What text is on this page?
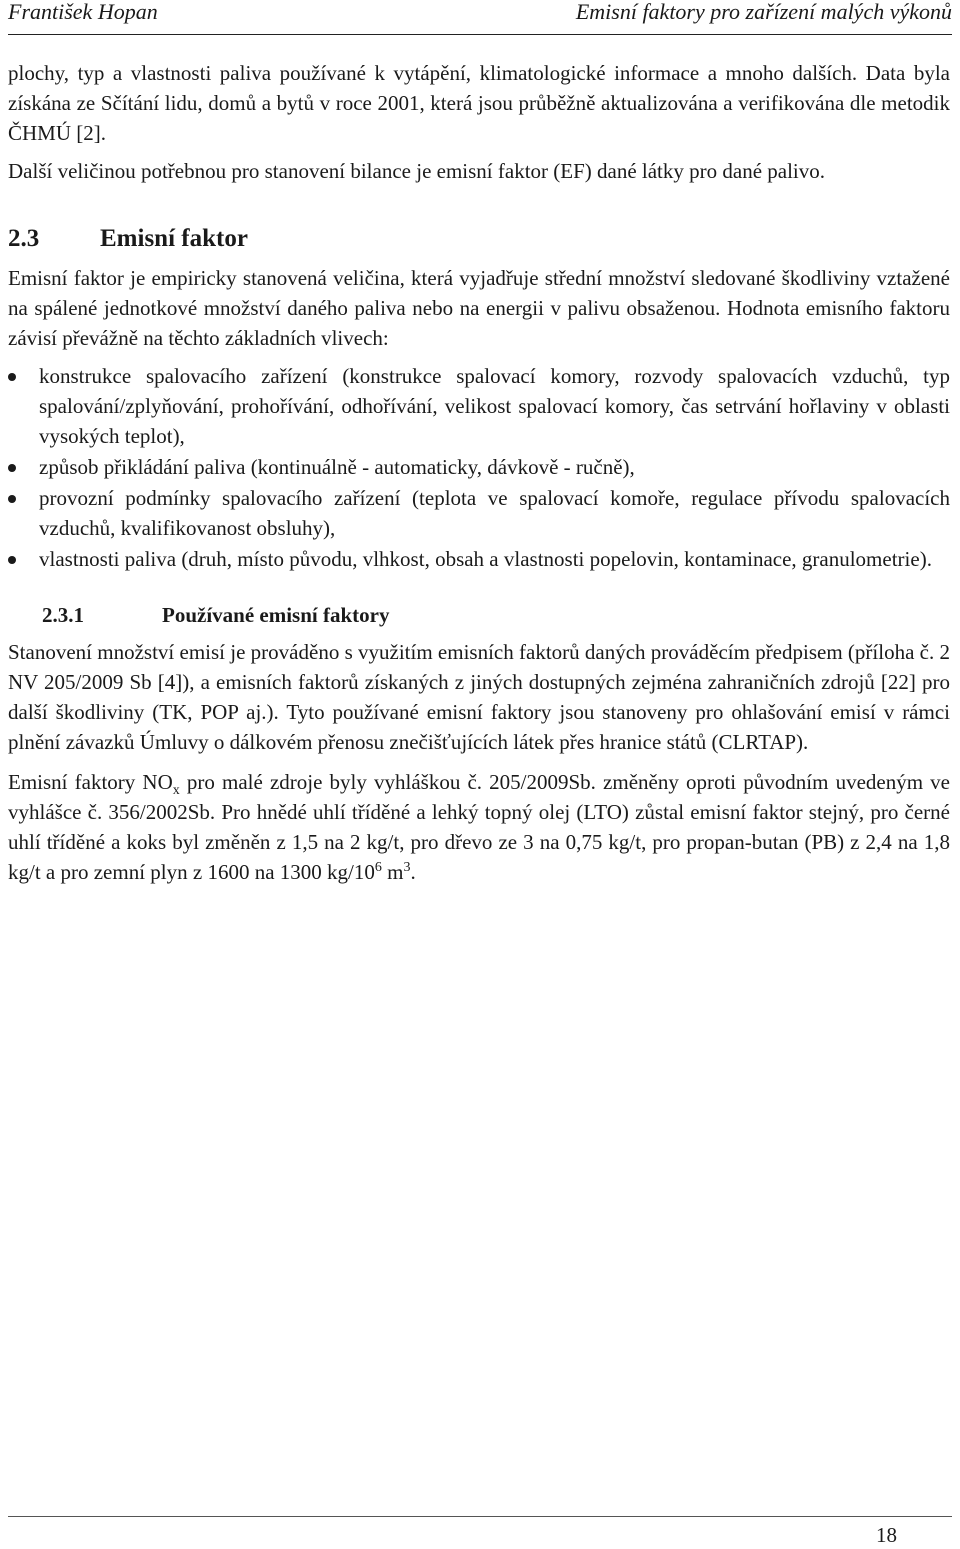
František Hopan	Emisní faktory pro zařízení malých výkonů

plochy, typ a vlastnosti paliva používané k vytápění, klimatologické informace a mnoho dalších. Data byla získána ze Sčítání lidu, domů a bytů v roce 2001, která jsou průběžně aktualizována a verifikována dle metodik ČHMÚ [2].

Další veličinou potřebnou pro stanovení bilance je emisní faktor (EF) dané látky pro dané palivo.

2.3 Emisní faktor

Emisní faktor je empiricky stanovená veličina, která vyjadřuje střední množství sledované škodliviny vztažené na spálené jednotkové množství daného paliva nebo na energii v palivu obsaženou. Hodnota emisního faktoru závisí převážně na těchto základních vlivech:

konstrukce spalovacího zařízení (konstrukce spalovací komory, rozvody spalovacích vzduchů, typ spalování/zplyňování, prohořívání, odhořívání, velikost spalovací komory, čas setrvání hořlaviny v oblasti vysokých teplot),
způsob přikládání paliva (kontinuálně - automaticky, dávkově - ručně),
provozní podmínky spalovacího zařízení (teplota ve spalovací komoře, regulace přívodu spalovacích vzduchů, kvalifikovanost obsluhy),
vlastnosti paliva (druh, místo původu, vlhkost, obsah a vlastnosti popelovin, kontaminace, granulometrie).
2.3.1	Používané emisní faktory

Stanovení množství emisí je prováděno s využitím emisních faktorů daných prováděcím předpisem (příloha č. 2 NV 205/2009 Sb [4]), a emisních faktorů získaných z jiných dostupných zejména zahraničních zdrojů [22] pro další škodliviny (TK, POP aj.). Tyto používané emisní faktory jsou stanoveny pro ohlašování emisí v rámci plnění závazků Úmluvy o dálkovém přenosu znečišťujících látek přes hranice států (CLRTAP).

Emisní faktory $NO_x$ pro malé zdroje byly vyhláškou č. 205/2009Sb. změněny oproti původním uvedeným ve vyhlášce č. 356/2002Sb. Pro hnědé uhlí tříděné a lehký topný olej (LTO) zůstal emisní faktor stejný, pro černé uhlí tříděné a koks byl změněn z 1,5 na 2 kg/t, pro dřevo ze 3 na 0,75 kg/t, pro propan-butan (PB) z 2,4 na 1,8 kg/t a pro zemní plyn z 1600 na 1300 $kg/10^6$ $m^3$.

18
